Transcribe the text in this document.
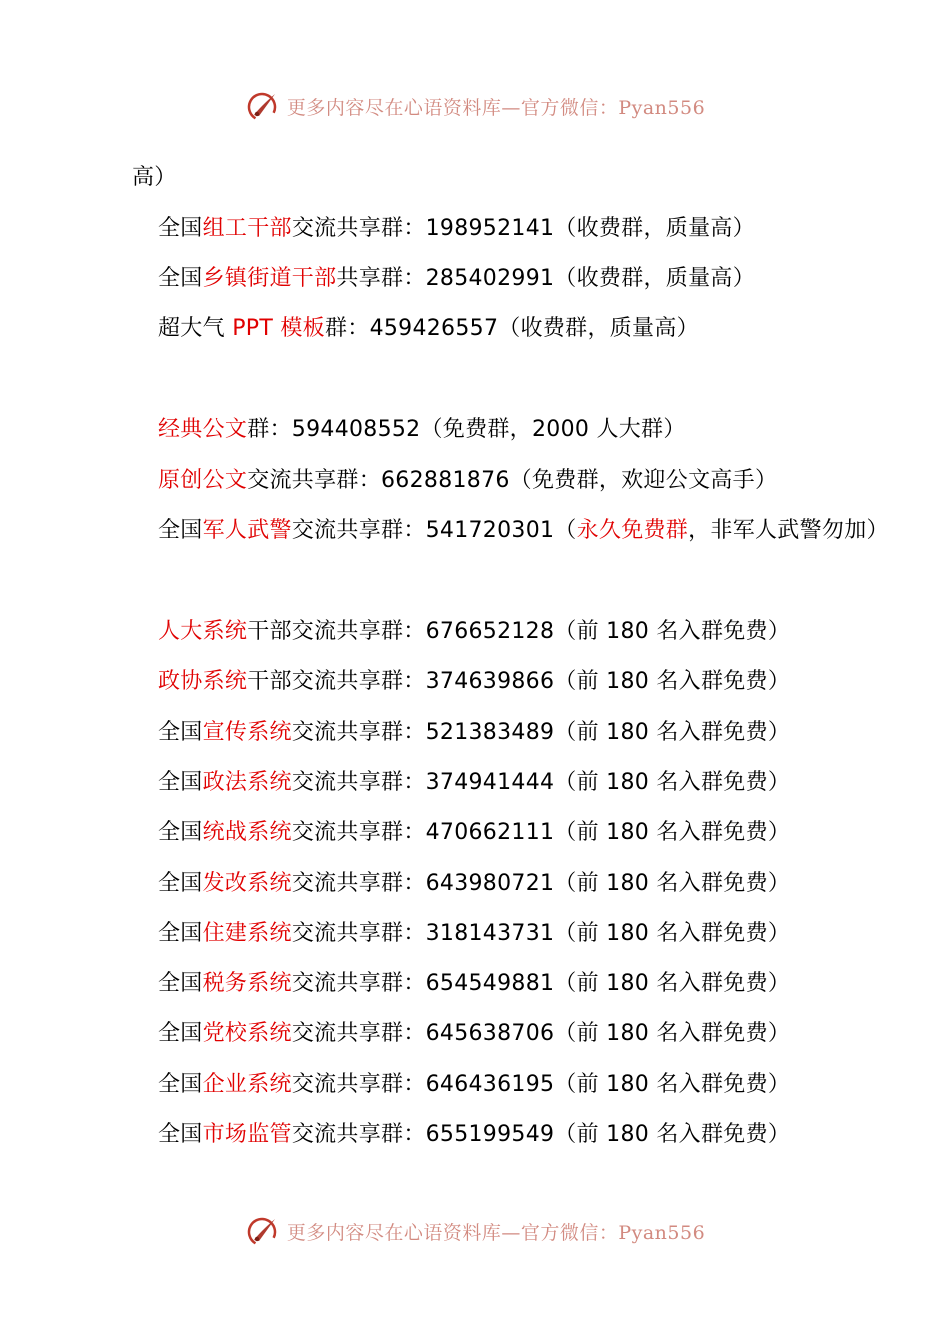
更多内容尽在心语资料库—官方微信：Pyan556
高）
全国组工干部交流共享群：198952141（收费群，质量高）
全国乡镇街道干部共享群：285402991（收费群，质量高）
超大气 PPT 模板群：459426557（收费群，质量高）
经典公文群：594408552（免费群，2000 人大群）
原创公文交流共享群：662881876（免费群，欢迎公文高手）
全国军人武警交流共享群：541720301（永久免费群，非军人武警勿加）
人大系统干部交流共享群：676652128（前 180 名入群免费）
政协系统干部交流共享群：374639866（前 180 名入群免费）
全国宣传系统交流共享群：521383489（前 180 名入群免费）
全国政法系统交流共享群：374941444（前 180 名入群免费）
全国统战系统交流共享群：470662111（前 180 名入群免费）
全国发改系统交流共享群：643980721（前 180 名入群免费）
全国住建系统交流共享群：318143731（前 180 名入群免费）
全国税务系统交流共享群：654549881（前 180 名入群免费）
全国党校系统交流共享群：645638706（前 180 名入群免费）
全国企业系统交流共享群：646436195（前 180 名入群免费）
全国市场监管交流共享群：655199549（前 180 名入群免费）
更多内容尽在心语资料库—官方微信：Pyan556
